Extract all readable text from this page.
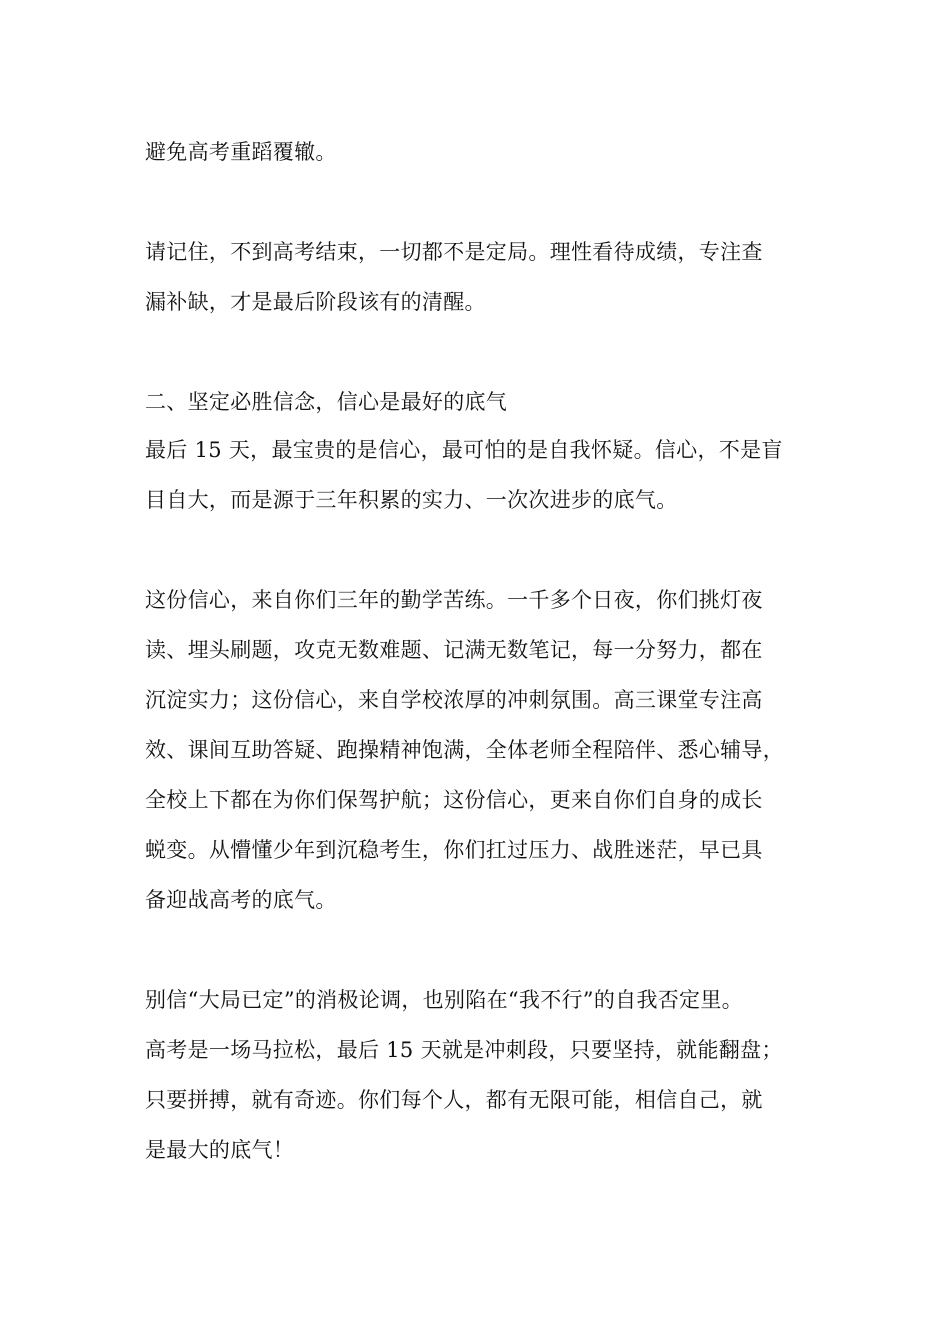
避免高考重蹈覆辙。
请记住，不到高考结束，一切都不是定局。理性看待成绩，专注查
漏补缺，才是最后阶段该有的清醒。
二、坚定必胜信念，信心是最好的底气
最后 15 天，最宝贵的是信心，最可怕的是自我怀疑。信心，不是盲
目自大，而是源于三年积累的实力、一次次进步的底气。
这份信心，来自你们三年的勤学苦练。一千多个日夜，你们挑灯夜
读、埋头刷题，攻克无数难题、记满无数笔记，每一分努力，都在
沉淀实力；这份信心，来自学校浓厚的冲刺氛围。高三课堂专注高
效、课间互助答疑、跑操精神饱满，全体老师全程陪伴、悉心辅导，
全校上下都在为你们保驾护航；这份信心，更来自你们自身的成长
蜕变。从懵懂少年到沉稳考生，你们扛过压力、战胜迷茫，早已具
备迎战高考的底气。
别信“大局已定”的消极论调，也别陷在“我不行”的自我否定里。
高考是一场马拉松，最后 15 天就是冲刺段，只要坚持，就能翻盘；
只要拼搏，就有奇迹。你们每个人，都有无限可能，相信自己，就
是最大的底气！
